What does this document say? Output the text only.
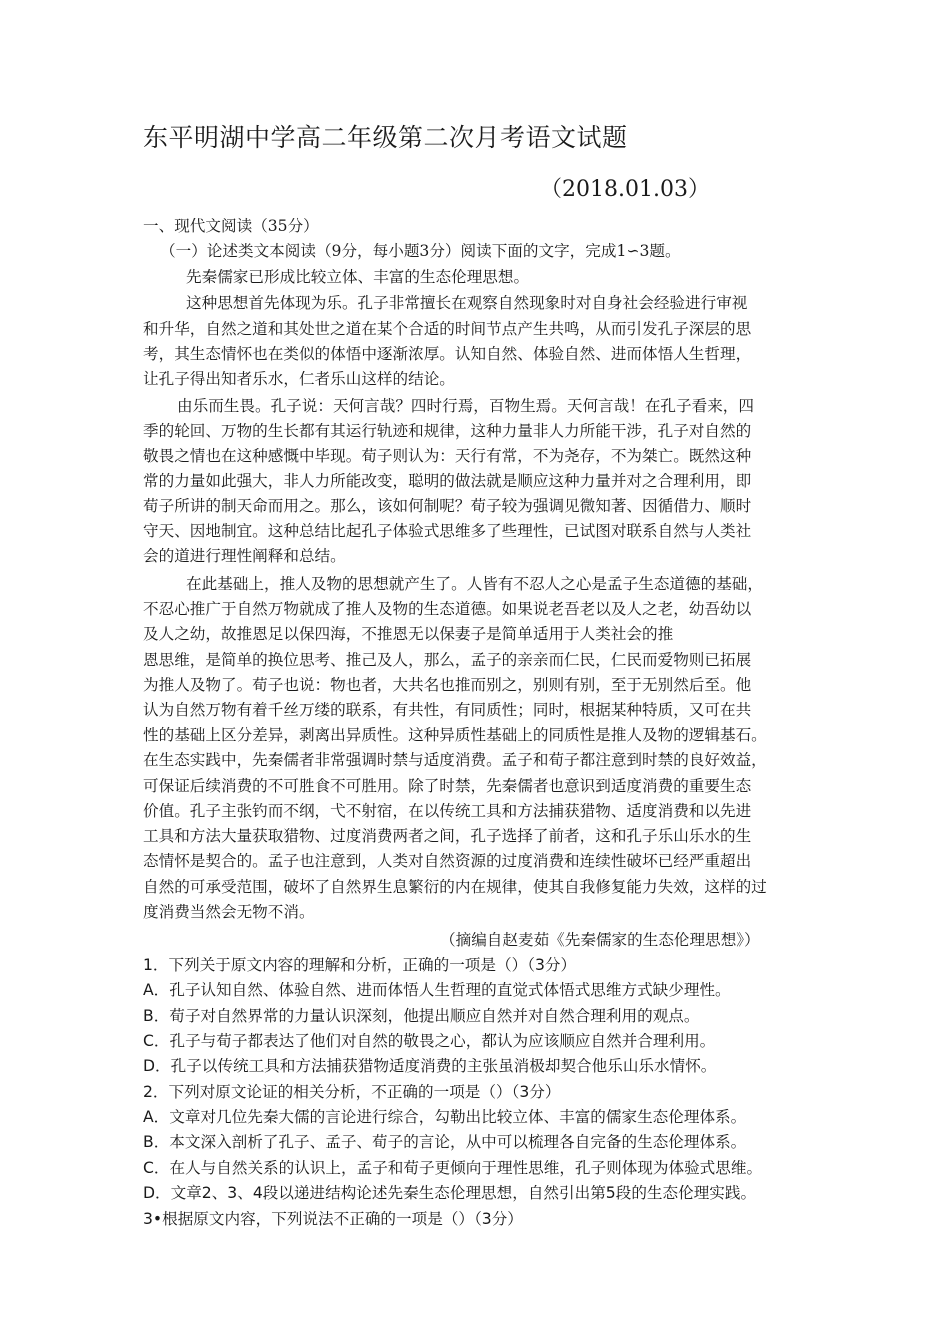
东平明湖中学高二年级第二次月考语文试题
（2018.01.03）
一、现代文阅读（35分）
（一）论述类文本阅读（9分，每小题3分）阅读下面的文字，完成1∽3题。
先秦儒家已形成比较立体、丰富的生态伦理思想。
这种思想首先体现为乐。孔子非常擅长在观察自然现象时对自身社会经验进行审视
和升华，自然之道和其处世之道在某个合适的时间节点产生共鸣，从而引发孔子深层的思
考，其生态情怀也在类似的体悟中逐渐浓厚。认知自然、体验自然、进而体悟人生哲理，
让孔子得出知者乐水，仁者乐山这样的结论。
由乐而生畏。孔子说：天何言哉？四时行焉，百物生焉。天何言哉！在孔子看来，四
季的轮回、万物的生长都有其运行轨迹和规律，这种力量非人力所能干涉，孔子对自然的
敬畏之情也在这种感慨中毕现。荀子则认为：天行有常，不为尧存，不为桀亡。既然这种
常的力量如此强大，非人力所能改变，聪明的做法就是顺应这种力量并对之合理利用，即
荀子所讲的制天命而用之。那么，该如何制呢？荀子较为强调见微知著、因循借力、顺时
守天、因地制宜。这种总结比起孔子体验式思维多了些理性，已试图对联系自然与人类社
会的道进行理性阐释和总结。
在此基础上，推人及物的思想就产生了。人皆有不忍人之心是孟子生态道德的基础，
不忍心推广于自然万物就成了推人及物的生态道德。如果说老吾老以及人之老，幼吾幼以
及人之幼，故推恩足以保四海，不推恩无以保妻子是简单适用于人类社会的推
恩思维，是简单的换位思考、推己及人，那么，孟子的亲亲而仁民，仁民而爱物则已拓展
为推人及物了。荀子也说：物也者，大共名也推而别之，别则有别，至于无别然后至。他
认为自然万物有着千丝万缕的联系，有共性，有同质性；同时，根据某种特质，又可在共
性的基础上区分差异，剥离出异质性。这种异质性基础上的同质性是推人及物的逻辑基石。
在生态实践中，先秦儒者非常强调时禁与适度消费。孟子和荀子都注意到时禁的良好效益，
可保证后续消费的不可胜食不可胜用。除了时禁，先秦儒者也意识到适度消费的重要生态
价值。孔子主张钓而不纲，弋不射宿，在以传统工具和方法捕获猎物、适度消费和以先进
工具和方法大量获取猎物、过度消费两者之间，孔子选择了前者，这和孔子乐山乐水的生
态情怀是契合的。孟子也注意到，人类对自然资源的过度消费和连续性破坏已经严重超出
自然的可承受范围，破坏了自然界生息繁衍的内在规律，使其自我修复能力失效，这样的过
度消费当然会无物不消。
（摘编自赵麦茹《先秦儒家的生态伦理思想》）
1．下列关于原文内容的理解和分析，正确的一项是（）（3分）
A．孔子认知自然、体验自然、进而体悟人生哲理的直觉式体悟式思维方式缺少理性。
B．荀子对自然界常的力量认识深刻，他提出顺应自然并对自然合理利用的观点。
C．孔子与荀子都表达了他们对自然的敬畏之心，都认为应该顺应自然并合理利用。
D．孔子以传统工具和方法捕获猎物适度消费的主张虽消极却契合他乐山乐水情怀。
2．下列对原文论证的相关分析，不正确的一项是（）（3分）
A．文章对几位先秦大儒的言论进行综合，勾勒出比较立体、丰富的儒家生态伦理体系。
B．本文深入剖析了孔子、孟子、荀子的言论，从中可以梳理各自完备的生态伦理体系。
C．在人与自然关系的认识上，孟子和荀子更倾向于理性思维，孔子则体现为体验式思维。
D．文章2、3、4段以递进结构论述先秦生态伦理思想，自然引出第5段的生态伦理实践。
3•根据原文内容，下列说法不正确的一项是（）（3分）
